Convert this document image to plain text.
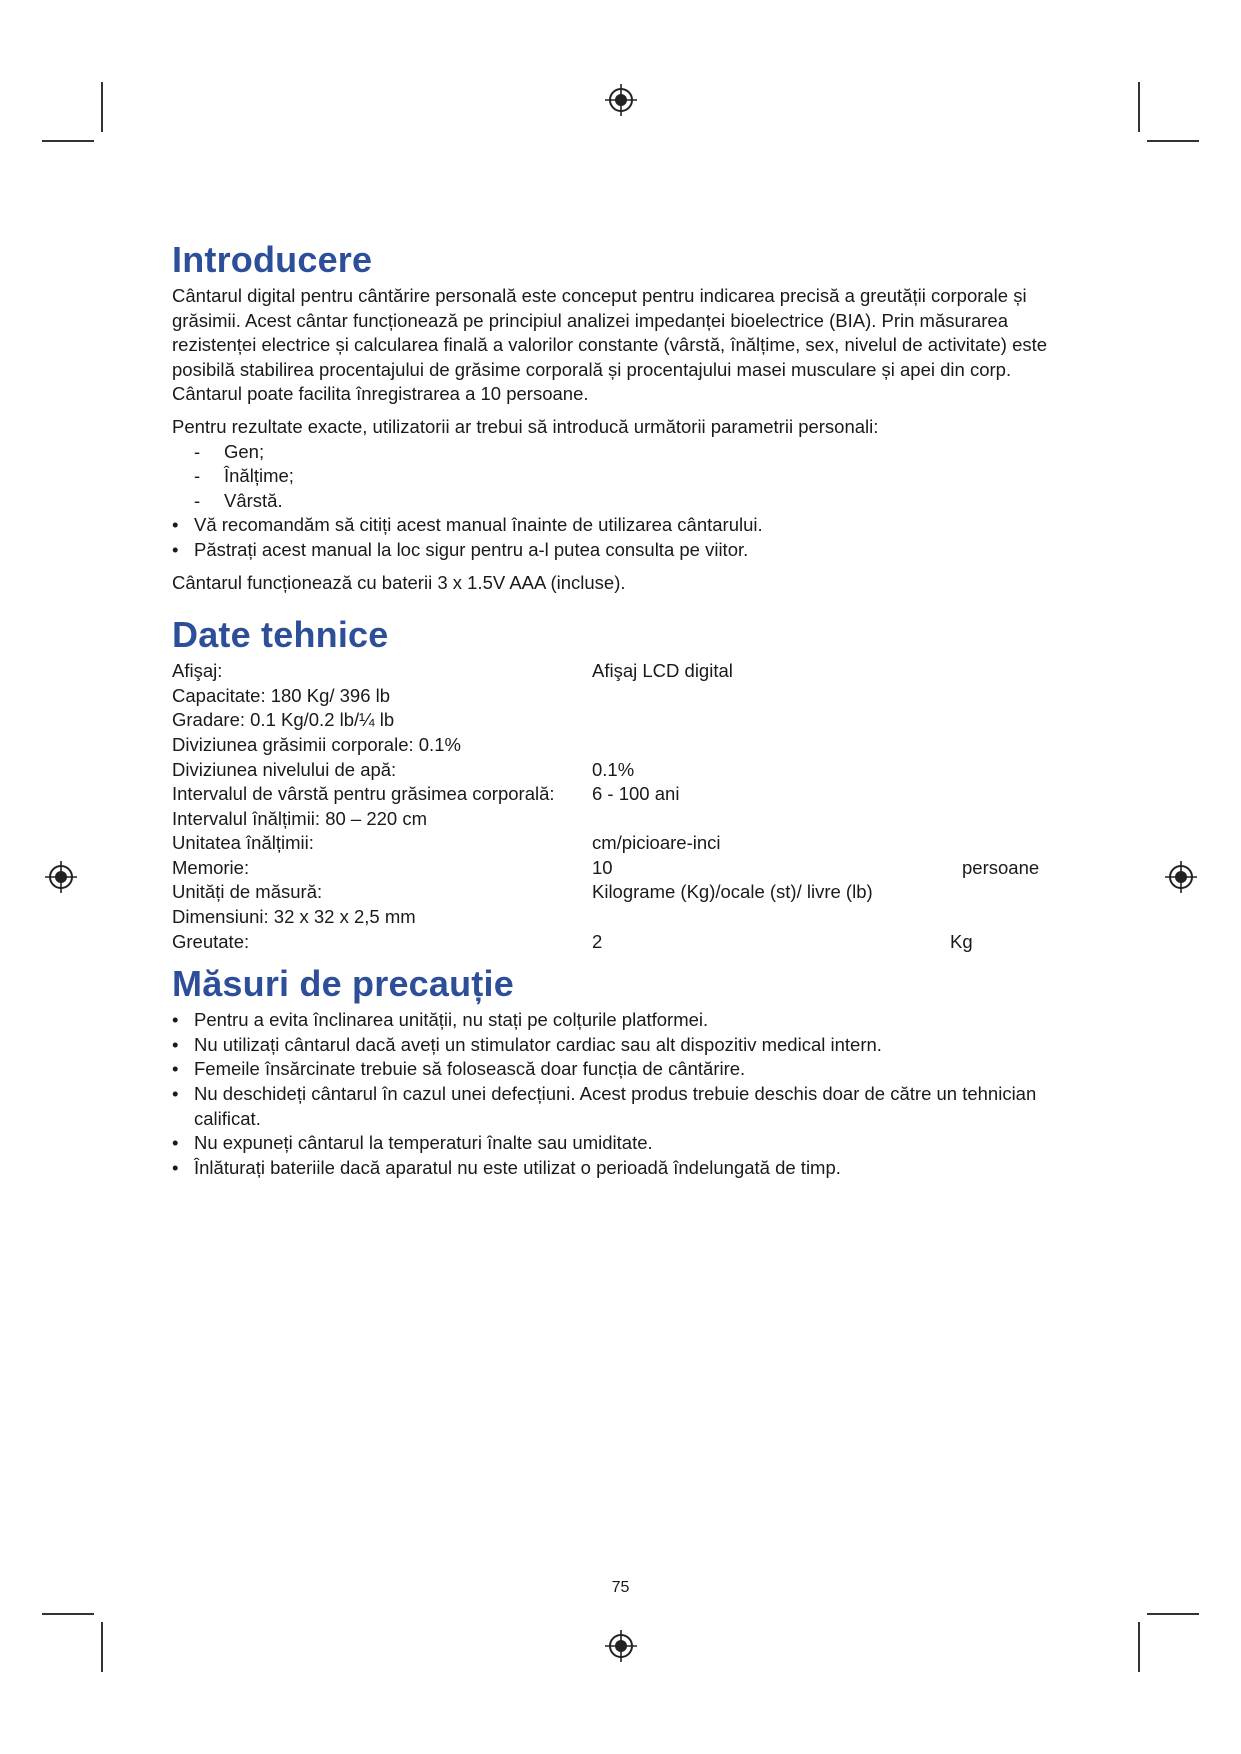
Introducere

Cântarul digital pentru cântărire personală este conceput pentru indicarea precisă a greutății corporale și grăsimii. Acest cântar funcționează pe principiul analizei impedanței bioelectrice (BIA). Prin măsurarea rezistenței electrice și calcularea finală a valorilor constante (vârstă, înălțime, sex, nivelul de activitate) este posibilă stabilirea procentajului de grăsime corporală și procentajului masei musculare și apei din corp.

Cântarul poate facilita înregistrarea a 10 persoane.

Pentru rezultate exacte, utilizatorii ar trebui să introducă următorii parametrii personali:

- Gen;
- Înălțime;
- Vârstă.
• Vă recomandăm să citiți acest manual înainte de utilizarea cântarului.
• Păstrați acest manual la loc sigur pentru a-l putea consulta pe viitor.

Cântarul funcționează cu baterii 3 x 1.5V AAA (incluse).

Date tehnice
Afişaj:	Afişaj LCD digital
Capacitate: 180 Kg/ 396 lb
Gradare: 0.1 Kg/0.2 lb/¼ lb
Diviziunea grăsimii corporale: 0.1%
Diviziunea nivelului de apă:	0.1%
Intervalul de vârstă pentru grăsimea corporală: 6 - 100 ani
Intervalul înălțimii: 80 – 220 cm
Unitatea înălțimii:	cm/picioare-inci
Memorie:	10	persoane
Unități de măsură:	Kilograme (Kg)/ocale (st)/ livre (lb)
Dimensiuni: 32 x 32 x 2,5 mm
Greutate:	2	Kg
Măsuri de precauție
• Pentru a evita înclinarea unității, nu stați pe colțurile platformei.
• Nu utilizați cântarul dacă aveți un stimulator cardiac sau alt dispozitiv medical intern.
• Femeile însărcinate trebuie să folosească doar funcția de cântărire.
• Nu deschideți cântarul în cazul unei defecțiuni. Acest produs trebuie deschis doar de către un tehnician calificat.
• Nu expuneți cântarul la temperaturi înalte sau umiditate.
• Înlăturați bateriile dacă aparatul nu este utilizat o perioadă îndelungată de timp.
75
